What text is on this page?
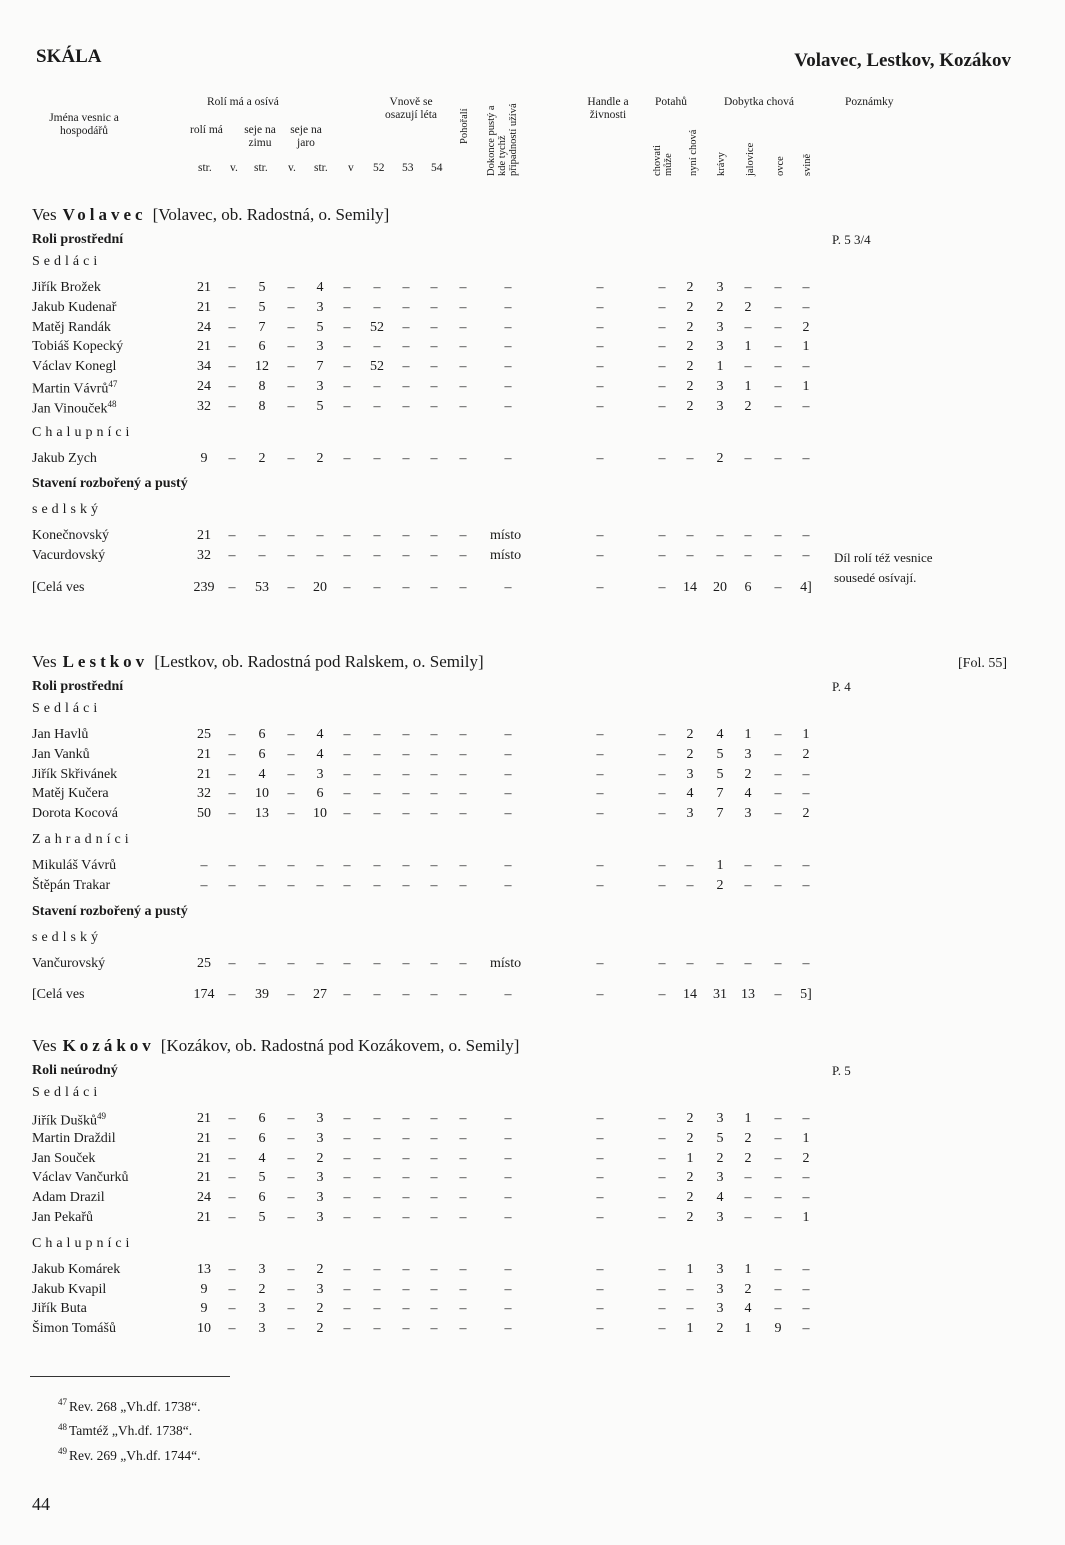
SKÁLA	Volavec, Lestkov, Kozákov
Jména vesnic a hospodářů
Rolí má a osívá
rolí má	seje na zimu
seje na jaro
str. v. str. v. str. v
Vnově se osazují léta
52 53 54
Pohořalí Dokonce pustý a kde tychž připadností užívá
Handle a živnosti
Potahů
chovati může nyní chová
Dobytka chová
krávy jalovice ovce svině
Poznámky
Ves Volavec [Volavec, ob. Radostná, o. Semily]
Roli prostřední	P. 5 3/4
Sedláci
Jiřík Brožek	21	–	5	–	4	–	–	–	–	–	–	–	–	2	3	–	–	–
Jakub Kudenař	21	–	5	–	3	–	–	–	–	–	–	–	–	2	2	2	–	–
Matěj Randák	24	–	7	–	5	–	52	–	–	–	–	–	–	2	3	–	–	2
Tobiáš Kopecký	21	–	6	–	3	–	–	–	–	–	–	–	–	2	3	1	–	1
Václav Konegl	34	–	12	–	7	–	52	–	–	–	–	–	–	2	1	–	–	–
Martin Vávrů$^{47}$	24	–	8	–	3	–	–	–	–	–	–	–	–	2	3	1	–	1
Jan Vinouček$^{48}$	32	–	8	–	5	–	–	–	–	–	–	–	–	2	3	2	–	–
Chalupníci
Jakub Zych	9	–	2	–	2	–	–	–	–	–	–	–	–	–	2	–	–	–
Stavení rozbořený a pustý
sedlský
Konečnovský	21	–	–	–	–	–	–	–	–	–	místo	–	–	–	–	–	–	–
Díl rolí též vesnice sousedé osívají.
Vacurdovský	32	–	–	–	–	–	–	–	–	–	místo	–	–	–	–	–	–	–
[Celá ves	239	–	53	–	20	–	–	–	–	–	–	–	–	14	20	6	–	4]
Ves Lestkov [Lestkov, ob. Radostná pod Ralskem, o. Semily]	[Fol. 55]
Roli prostřední	P. 4
Sedláci
Jan Havlů	25	–	6	–	4	–	–	–	–	–	–	–	–	2	4	1	–	1
Jan Vanků	21	–	6	–	4	–	–	–	–	–	–	–	–	2	5	3	–	2
Jiřík Skřivánek	21	–	4	–	3	–	–	–	–	–	–	–	–	3	5	2	–	–
Matěj Kučera	32	–	10	–	6	–	–	–	–	–	–	–	–	4	7	4	–	–
Dorota Kocová	50	–	13	–	10	–	–	–	–	–	–	–	–	3	7	3	–	2
Zahradníci
Mikuláš Vávrů	–	–	–	–	–	–	–	–	–	–	–	–	–	–	1	–	–	–
Štěpán Trakar	–	–	–	–	–	–	–	–	–	–	–	–	–	–	2	–	–	–
Stavení rozbořený a pustý
sedlský
Vančurovský	25	–	–	–	–	–	–	–	–	–	místo	–	–	–	–	–	–	–
[Celá ves	174	–	39	–	27	–	–	–	–	–	–	–	–	14	31	13	–	5]
Ves Kozákov [Kozákov, ob. Radostná pod Kozákovem, o. Semily]
Roli neúrodný	P. 5
Sedláci
Jiřík Dušků$^{49}$	21	–	6	–	3	–	–	–	–	–	–	–	–	2	3	1	–	–
Martin Draždil	21	–	6	–	3	–	–	–	–	–	–	–	–	2	5	2	–	1
Jan Souček	21	–	4	–	2	–	–	–	–	–	–	–	–	1	2	2	–	2
Václav Vančurků	21	–	5	–	3	–	–	–	–	–	–	–	–	2	3	–	–	–
Adam Drazil	24	–	6	–	3	–	–	–	–	–	–	–	–	2	4	–	–	–
Jan Pekařů	21	–	5	–	3	–	–	–	–	–	–	–	–	2	3	–	–	1
Chalupníci
Jakub Komárek	13	–	3	–	2	–	–	–	–	–	–	–	–	1	3	1	–	–
Jakub Kvapil	9	–	2	–	3	–	–	–	–	–	–	–	–	–	3	2	–	–
Jiřík Buta	9	–	3	–	2	–	–	–	–	–	–	–	–	–	3	4	–	–
Šimon Tomášů	10	–	3	–	2	–	–	–	–	–	–	–	–	1	2	1	9	–
$^{47}$ Rev. 268 „Vh.df. 1738“.
$^{48}$ Tamtéž „Vh.df. 1738“.
$^{49}$ Rev. 269 „Vh.df. 1744“.
44
